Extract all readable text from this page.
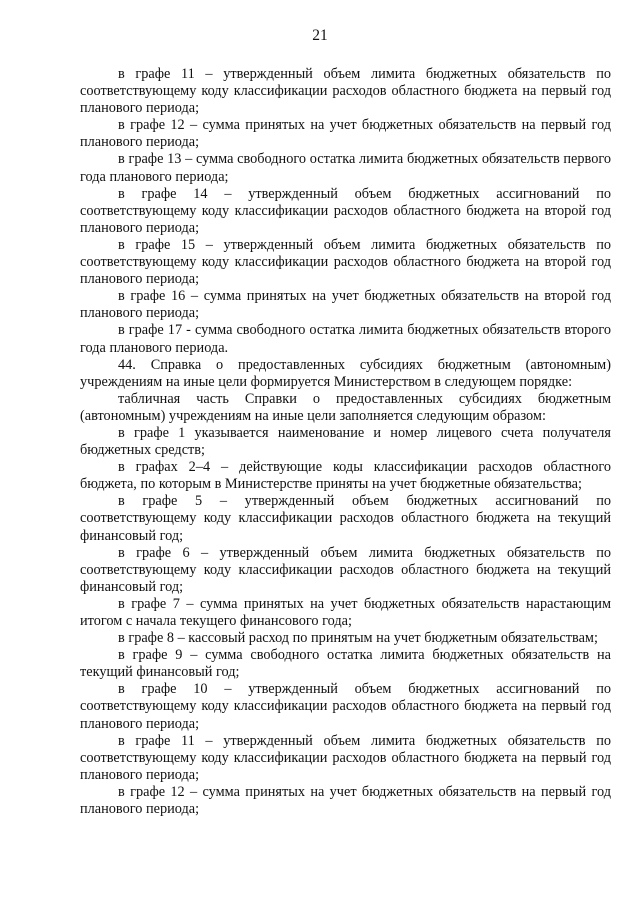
21

в графе 11 – утвержденный объем лимита бюджетных обязательств по соответствующему коду классификации расходов областного бюджета на первый год планового периода;

в графе 12 – сумма принятых на учет бюджетных обязательств на первый год планового периода;

в графе 13 – сумма свободного остатка лимита бюджетных обязательств первого года планового периода;

в графе 14 – утвержденный объем бюджетных ассигнований по соответствующему коду классификации расходов областного бюджета на второй год планового периода;

в графе 15 – утвержденный объем лимита бюджетных обязательств по соответствующему коду классификации расходов областного бюджета на второй год планового периода;

в графе 16 – сумма принятых на учет бюджетных обязательств на второй год планового периода;

в графе 17 - сумма свободного остатка лимита бюджетных обязательств второго года планового периода.

44. Справка о предоставленных субсидиях бюджетным (автономным) учреждениям на иные цели формируется Министерством в следующем порядке:

табличная часть Справки о предоставленных субсидиях бюджетным (автономным) учреждениям на иные цели заполняется следующим образом:

в графе 1 указывается наименование и номер лицевого счета получателя бюджетных средств;

в графах 2–4 – действующие коды классификации расходов областного бюджета, по которым в Министерстве приняты на учет бюджетные обязательства;

в графе 5 – утвержденный объем бюджетных ассигнований по соответствующему коду классификации расходов областного бюджета на текущий финансовый год;

в графе 6 – утвержденный объем лимита бюджетных обязательств по соответствующему коду классификации расходов областного бюджета на текущий финансовый год;

в графе 7 – сумма принятых на учет бюджетных обязательств нарастающим итогом с начала текущего финансового года;

в графе 8 – кассовый расход по принятым на учет бюджетным обязательствам;

в графе 9 – сумма свободного остатка лимита бюджетных обязательств на текущий финансовый год;

в графе 10 – утвержденный объем бюджетных ассигнований по соответствующему коду классификации расходов областного бюджета на первый год планового периода;

в графе 11 – утвержденный объем лимита бюджетных обязательств по соответствующему коду классификации расходов областного бюджета на первый год планового периода;

в графе 12 – сумма принятых на учет бюджетных обязательств на первый год планового периода;
